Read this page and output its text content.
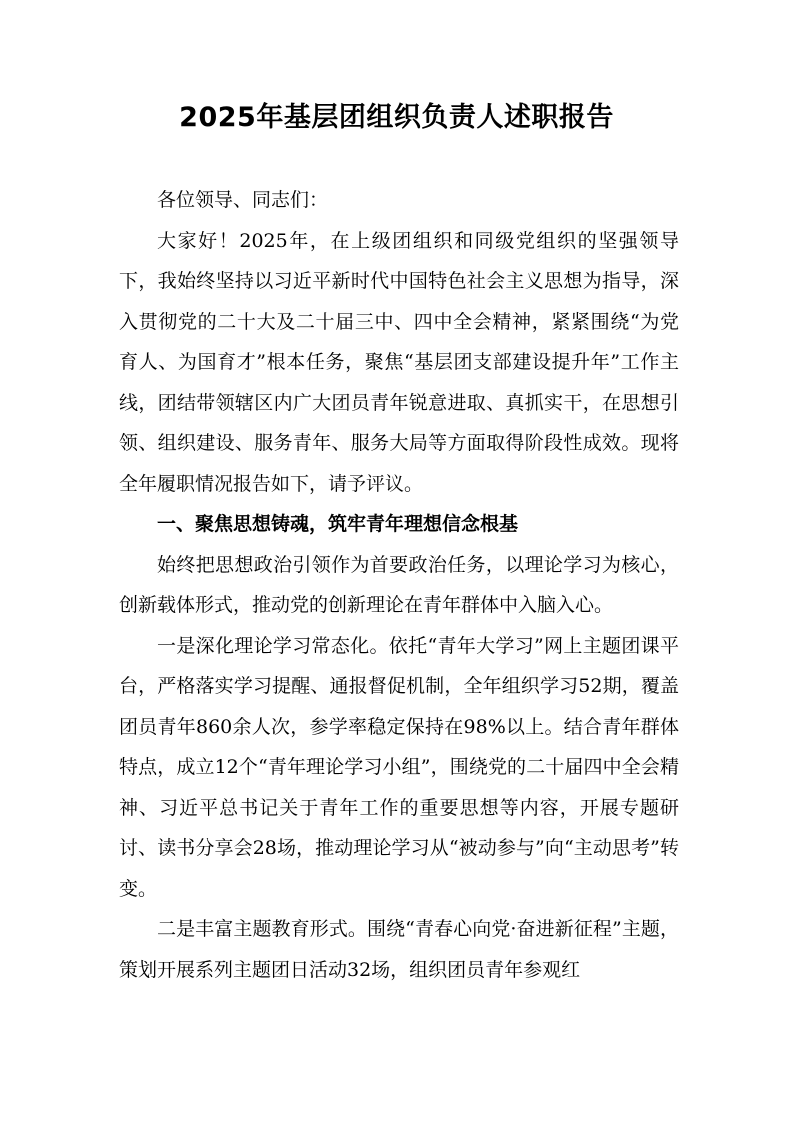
2025年基层团组织负责人述职报告

各位领导、同志们：

大家好！2025年，在上级团组织和同级党组织的坚强领导下，我始终坚持以习近平新时代中国特色社会主义思想为指导，深入贯彻党的二十大及二十届三中、四中全会精神，紧紧围绕“为党育人、为国育才”根本任务，聚焦“基层团支部建设提升年”工作主线，团结带领辖区内广大团员青年锐意进取、真抓实干，在思想引领、组织建设、服务青年、服务大局等方面取得阶段性成效。现将全年履职情况报告如下，请予评议。

一、聚焦思想铸魂，筑牢青年理想信念根基

始终把思想政治引领作为首要政治任务，以理论学习为核心，创新载体形式，推动党的创新理论在青年群体中入脑入心。

一是深化理论学习常态化。依托“青年大学习”网上主题团课平台，严格落实学习提醒、通报督促机制，全年组织学习52期，覆盖团员青年860余人次，参学率稳定保持在98%以上。结合青年群体特点，成立12个“青年理论学习小组”，围绕党的二十届四中全会精神、习近平总书记关于青年工作的重要思想等内容，开展专题研讨、读书分享会28场，推动理论学习从“被动参与”向“主动思考”转变。

二是丰富主题教育形式。围绕“青春心向党·奋进新征程”主题，策划开展系列主题团日活动32场，组织团员青年参观红
